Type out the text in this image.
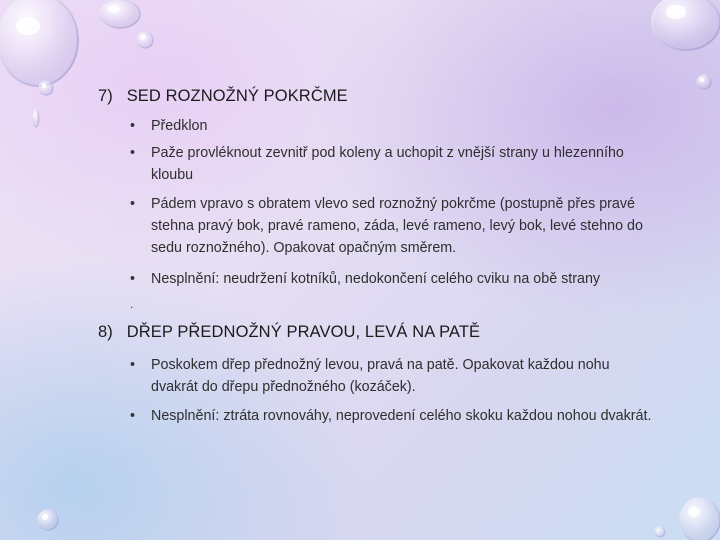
7) SED ROZNOŽNÝ POKRČME
•	Předklon
•	Paže provléknout zevnitř pod koleny a uchopit z vnější strany u hlezenního kloubu
•	Pádem vpravo s obratem vlevo sed roznožný pokrčme (postupně přes pravé stehna pravý bok, pravé rameno, záda, levé rameno, levý bok, levé stehno do sedu roznožného). Opakovat opačným směrem.
•	Nesplnění: neudržení kotníků, nedokončení celého cviku na obě strany
.
8) DŘEP PŘEDNOŽNÝ PRAVOU, LEVÁ NA PATĚ
•	Poskokem dřep přednožný levou, pravá na patě. Opakovat každou nohu dvakrát do dřepu přednožného (kozáček).
•	Nesplnění: ztráta rovnováhy, neprovedení celého skoku každou nohou dvakrát.
